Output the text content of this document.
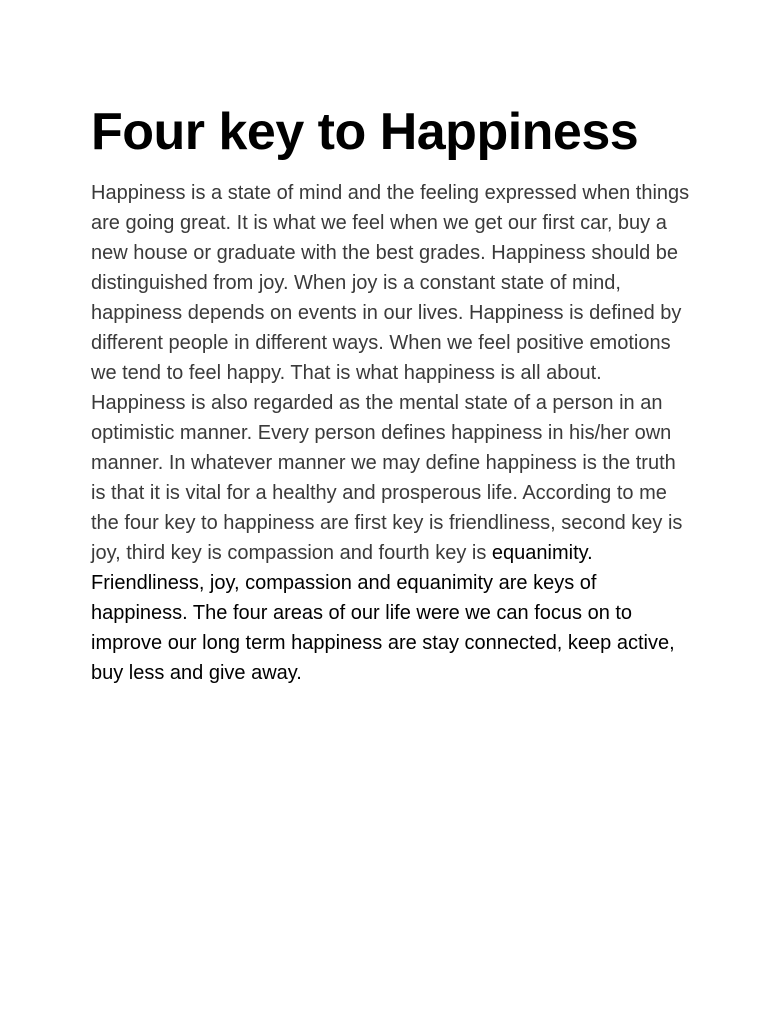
Four key to Happiness

Happiness is a state of mind and the feeling expressed when things are going great. It is what we feel when we get our first car, buy a new house or graduate with the best grades. Happiness should be distinguished from joy. When joy is a constant state of mind, happiness depends on events in our lives. Happiness is defined by different people in different ways. When we feel positive emotions we tend to feel happy. That is what happiness is all about. Happiness is also regarded as the mental state of a person in an optimistic manner. Every person defines happiness in his/her own manner. In whatever manner we may define happiness is the truth is that it is vital for a healthy and prosperous life. According to me the four key to happiness are first key is friendliness, second key is joy, third key is compassion and fourth key is equanimity. Friendliness, joy, compassion and equanimity are keys of happiness. The four areas of our life were we can focus on to improve our long term happiness are stay connected, keep active, buy less and give away.
